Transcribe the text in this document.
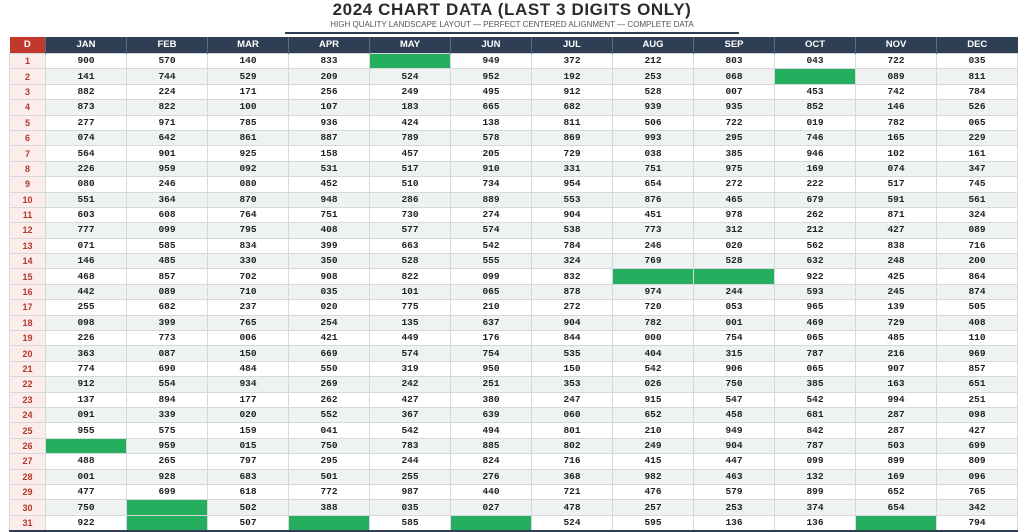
2024 CHART DATA (LAST 3 DIGITS ONLY)
HIGH QUALITY LANDSCAPE LAYOUT — PERFECT CENTERED ALIGNMENT — COMPLETE DATA
D	JAN	FEB	MAR	APR	MAY	JUN	JUL	AUG	SEP	OCT	NOV	DEC
1	900	570	140	833		949	372	212	803	043	722	035
2	141	744	529	209	524	952	192	253	068		089	811
3	882	224	171	256	249	495	912	528	007	453	742	784
4	873	822	100	107	183	665	682	939	935	852	146	526
5	277	971	785	936	424	138	811	506	722	019	782	065
6	074	642	861	887	789	578	869	993	295	746	165	229
7	564	901	925	158	457	205	729	038	385	946	102	161
8	226	959	092	531	517	910	331	751	975	169	074	347
9	080	246	080	452	510	734	954	654	272	222	517	745
10	551	364	870	948	286	889	553	876	465	679	591	561
11	603	608	764	751	730	274	904	451	978	262	871	324
12	777	099	795	408	577	574	538	773	312	212	427	089
13	071	585	834	399	663	542	784	246	020	562	838	716
14	146	485	330	350	528	555	324	769	528	632	248	200
15	468	857	702	908	822	099	832			922	425	864
16	442	089	710	035	101	065	878	974	244	593	245	874
17	255	682	237	020	775	210	272	720	053	965	139	505
18	098	399	765	254	135	637	904	782	001	469	729	408
19	226	773	006	421	449	176	844	000	754	065	485	110
20	363	087	150	669	574	754	535	404	315	787	216	969
21	774	690	484	550	319	950	150	542	906	065	907	857
22	912	554	934	269	242	251	353	026	750	385	163	651
23	137	894	177	262	427	380	247	915	547	542	994	251
24	091	339	020	552	367	639	060	652	458	681	287	098
25	955	575	159	041	542	494	801	210	949	842	287	427
26		959	015	750	783	885	802	249	904	787	503	699
27	488	265	797	295	244	824	716	415	447	099	899	809
28	001	928	683	501	255	276	368	982	463	132	169	096
29	477	699	618	772	987	440	721	476	579	899	652	765
30	750		502	388	035	027	478	257	253	374	654	342
31	922		507		585		524	595	136	136		794
